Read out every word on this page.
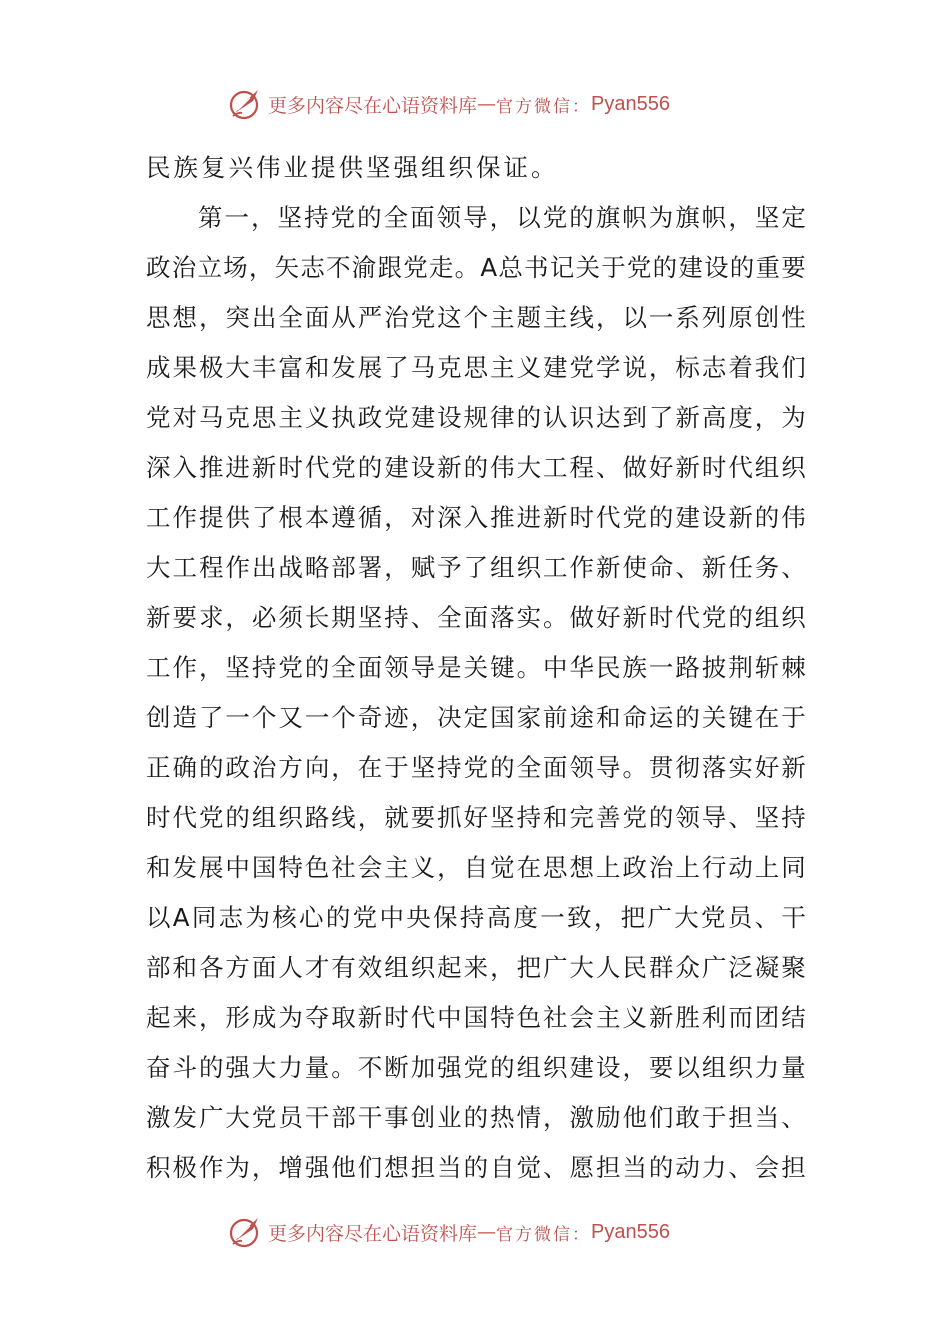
更多内容尽在心语资料库 — 官方微信： Pyan556
民 族 复 兴 伟 业 提 供 坚 强 组 织 保 证 。
第 一 ， 坚 持 党 的 全 面 领 导 ， 以 党 的 旗 帜 为 旗 帜 ， 坚 定
政 治 立 场 ， 矢 志 不 渝 跟 党 走 。 A 总 书 记 关 于 党 的 建 设 的 重 要
思 想 ， 突 出 全 面 从 严 治 党 这 个 主 题 主 线 ， 以 一 系 列 原 创 性
成 果 极 大 丰 富 和 发 展 了 马 克 思 主 义 建 党 学 说 ， 标 志 着 我 们
党 对 马 克 思 主 义 执 政 党 建 设 规 律 的 认 识 达 到 了 新 高 度 ， 为
深 入 推 进 新 时 代 党 的 建 设 新 的 伟 大 工 程 、 做 好 新 时 代 组 织
工 作 提 供 了 根 本 遵 循 ， 对 深 入 推 进 新 时 代 党 的 建 设 新 的 伟
大 工 程 作 出 战 略 部 署 ， 赋 予 了 组 织 工 作 新 使 命 、 新 任 务 、
新 要 求 ， 必 须 长 期 坚 持 、 全 面 落 实 。 做 好 新 时 代 党 的 组 织
工 作 ， 坚 持 党 的 全 面 领 导 是 关 键 。 中 华 民 族 一 路 披 荆 斩 棘
创 造 了 一 个 又 一 个 奇 迹 ， 决 定 国 家 前 途 和 命 运 的 关 键 在 于
正 确 的 政 治 方 向 ， 在 于 坚 持 党 的 全 面 领 导 。 贯 彻 落 实 好 新
时 代 党 的 组 织 路 线 ， 就 要 抓 好 坚 持 和 完 善 党 的 领 导 、 坚 持
和 发 展 中 国 特 色 社 会 主 义 ， 自 觉 在 思 想 上 政 治 上 行 动 上 同
以 A 同 志 为 核 心 的 党 中 央 保 持 高 度 一 致 ， 把 广 大 党 员 、 干
部 和 各 方 面 人 才 有 效 组 织 起 来 ， 把 广 大 人 民 群 众 广 泛 凝 聚
起 来 ， 形 成 为 夺 取 新 时 代 中 国 特 色 社 会 主 义 新 胜 利 而 团 结
奋 斗 的 强 大 力 量 。 不 断 加 强 党 的 组 织 建 设 ， 要 以 组 织 力 量
激 发 广 大 党 员 干 部 干 事 创 业 的 热 情 ， 激 励 他 们 敢 于 担 当 、
积 极 作 为 ， 增 强 他 们 想 担 当 的 自 觉 、 愿 担 当 的 动 力 、 会 担
更多内容尽在心语资料库 — 官方微信： Pyan556
